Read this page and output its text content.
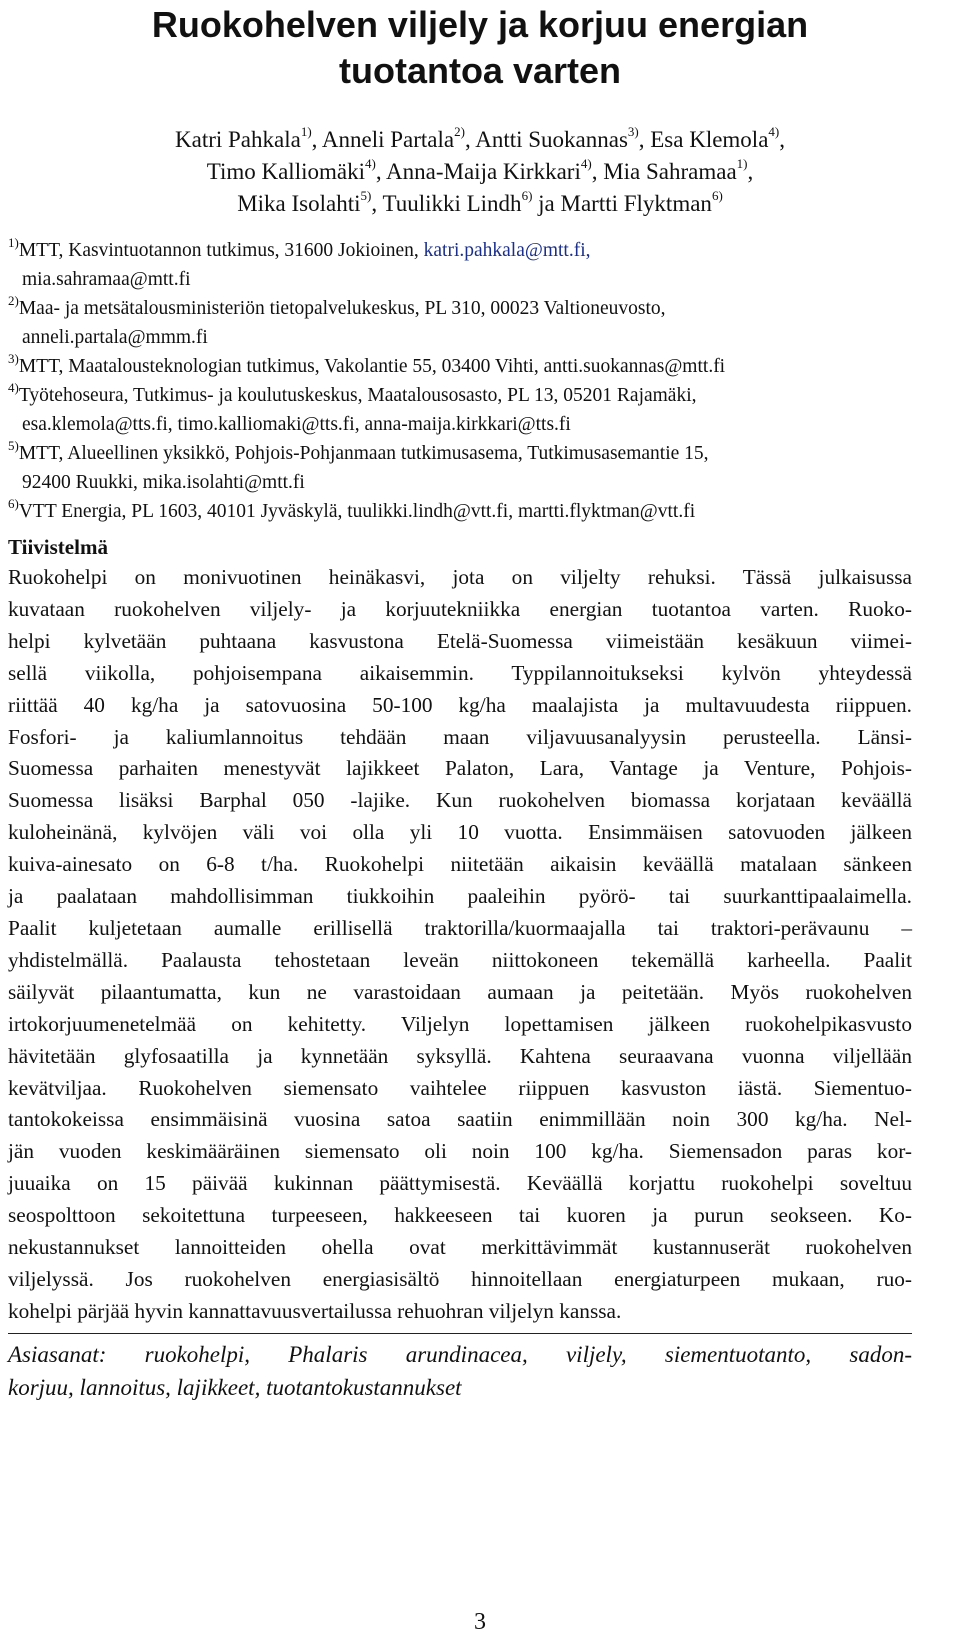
Ruokohelven viljely ja korjuu energian
tuotantoa varten
Katri Pahkala$^{1)}$, Anneli Partala$^{2)}$, Antti Suokannas$^{3)}$, Esa Klemola$^{4)}$,
Timo Kalliomäki$^{4)}$, Anna-Maija Kirkkari$^{4)}$, Mia Sahramaa$^{1)}$,
Mika Isolahti$^{5)}$, Tuulikki Lindh$^{6)}$ ja Martti Flyktman$^{6)}$
$^{1)}$MTT, Kasvintuotannon tutkimus, 31600 Jokioinen, katri.pahkala@mtt.fi,
mia.sahramaa@mtt.fi
$^{2)}$Maa- ja metsätalousministeriön tietopalvelukeskus, PL 310, 00023 Valtioneuvosto,
anneli.partala@mmm.fi
$^{3)}$MTT, Maatalousteknologian tutkimus, Vakolantie 55, 03400 Vihti, antti.suokannas@mtt.fi
$^{4)}$Työtehoseura, Tutkimus- ja koulutuskeskus, Maatalousosasto, PL 13, 05201 Rajamäki,
esa.klemola@tts.fi, timo.kalliomaki@tts.fi, anna-maija.kirkkari@tts.fi
$^{5)}$MTT, Alueellinen yksikkö, Pohjois-Pohjanmaan tutkimusasema, Tutkimusasemantie 15,
92400 Ruukki, mika.isolahti@mtt.fi
$^{6)}$VTT Energia, PL 1603, 40101 Jyväskylä, tuulikki.lindh@vtt.fi, martti.flyktman@vtt.fi
Tiivistelmä
Ruokohelpi on monivuotinen heinäkasvi, jota on viljelty rehuksi. Tässä julkaisussa
kuvataan ruokohelven viljely- ja korjuutekniikka energian tuotantoa varten. Ruoko-
helpi kylvetään puhtaana kasvustona Etelä-Suomessa viimeistään kesäkuun viimei-
sellä viikolla, pohjoisempana aikaisemmin. Typpilannoitukseksi kylvön yhteydessä
riittää 40 kg/ha ja satovuosina 50-100 kg/ha maalajista ja multavuudesta riippuen.
Fosfori- ja kaliumlannoitus tehdään maan viljavuusanalyysin perusteella. Länsi-
Suomessa parhaiten menestyvät lajikkeet Palaton, Lara, Vantage ja Venture, Pohjois-
Suomessa lisäksi Barphal 050 -lajike. Kun ruokohelven biomassa korjataan keväällä
kuloheinänä, kylvöjen väli voi olla yli 10 vuotta. Ensimmäisen satovuoden jälkeen
kuiva-ainesato on 6-8 t/ha. Ruokohelpi niitetään aikaisin keväällä matalaan sänkeen
ja paalataan mahdollisimman tiukkoihin paaleihin pyörö- tai suurkanttipaalaimella.
Paalit kuljetetaan aumalle erillisellä traktorilla/kuormaajalla tai traktori-perävaunu –
yhdistelmällä. Paalausta tehostetaan leveän niittokoneen tekemällä karheella. Paalit
säilyvät pilaantumatta, kun ne varastoidaan aumaan ja peitetään. Myös ruokohelven
irtokorjuumenetelmää on kehitetty. Viljelyn lopettamisen jälkeen ruokohelpikasvusto
hävitetään glyfosaatilla ja kynnetään syksyllä. Kahtena seuraavana vuonna viljellään
kevätviljaa. Ruokohelven siemensato vaihtelee riippuen kasvuston iästä. Siementuo-
tantokokeissa ensimmäisinä vuosina satoa saatiin enimmillään noin 300 kg/ha. Nel-
jän vuoden keskimääräinen siemensato oli noin 100 kg/ha. Siemensadon paras kor-
juuaika on 15 päivää kukinnan päättymisestä. Keväällä korjattu ruokohelpi soveltuu
seospolttoon sekoitettuna turpeeseen, hakkeeseen tai kuoren ja purun seokseen. Ko-
nekustannukset lannoitteiden ohella ovat merkittävimmät kustannuserät ruokohelven
viljelyssä. Jos ruokohelven energiasisältö hinnoitellaan energiaturpeen mukaan, ruo-
kohelpi pärjää hyvin kannattavuusvertailussa rehuohran viljelyn kanssa.
Asiasanat: ruokohelpi, Phalaris arundinacea, viljely, siementuotanto, sadon-
korjuu, lannoitus, lajikkeet, tuotantokustannukset
3
